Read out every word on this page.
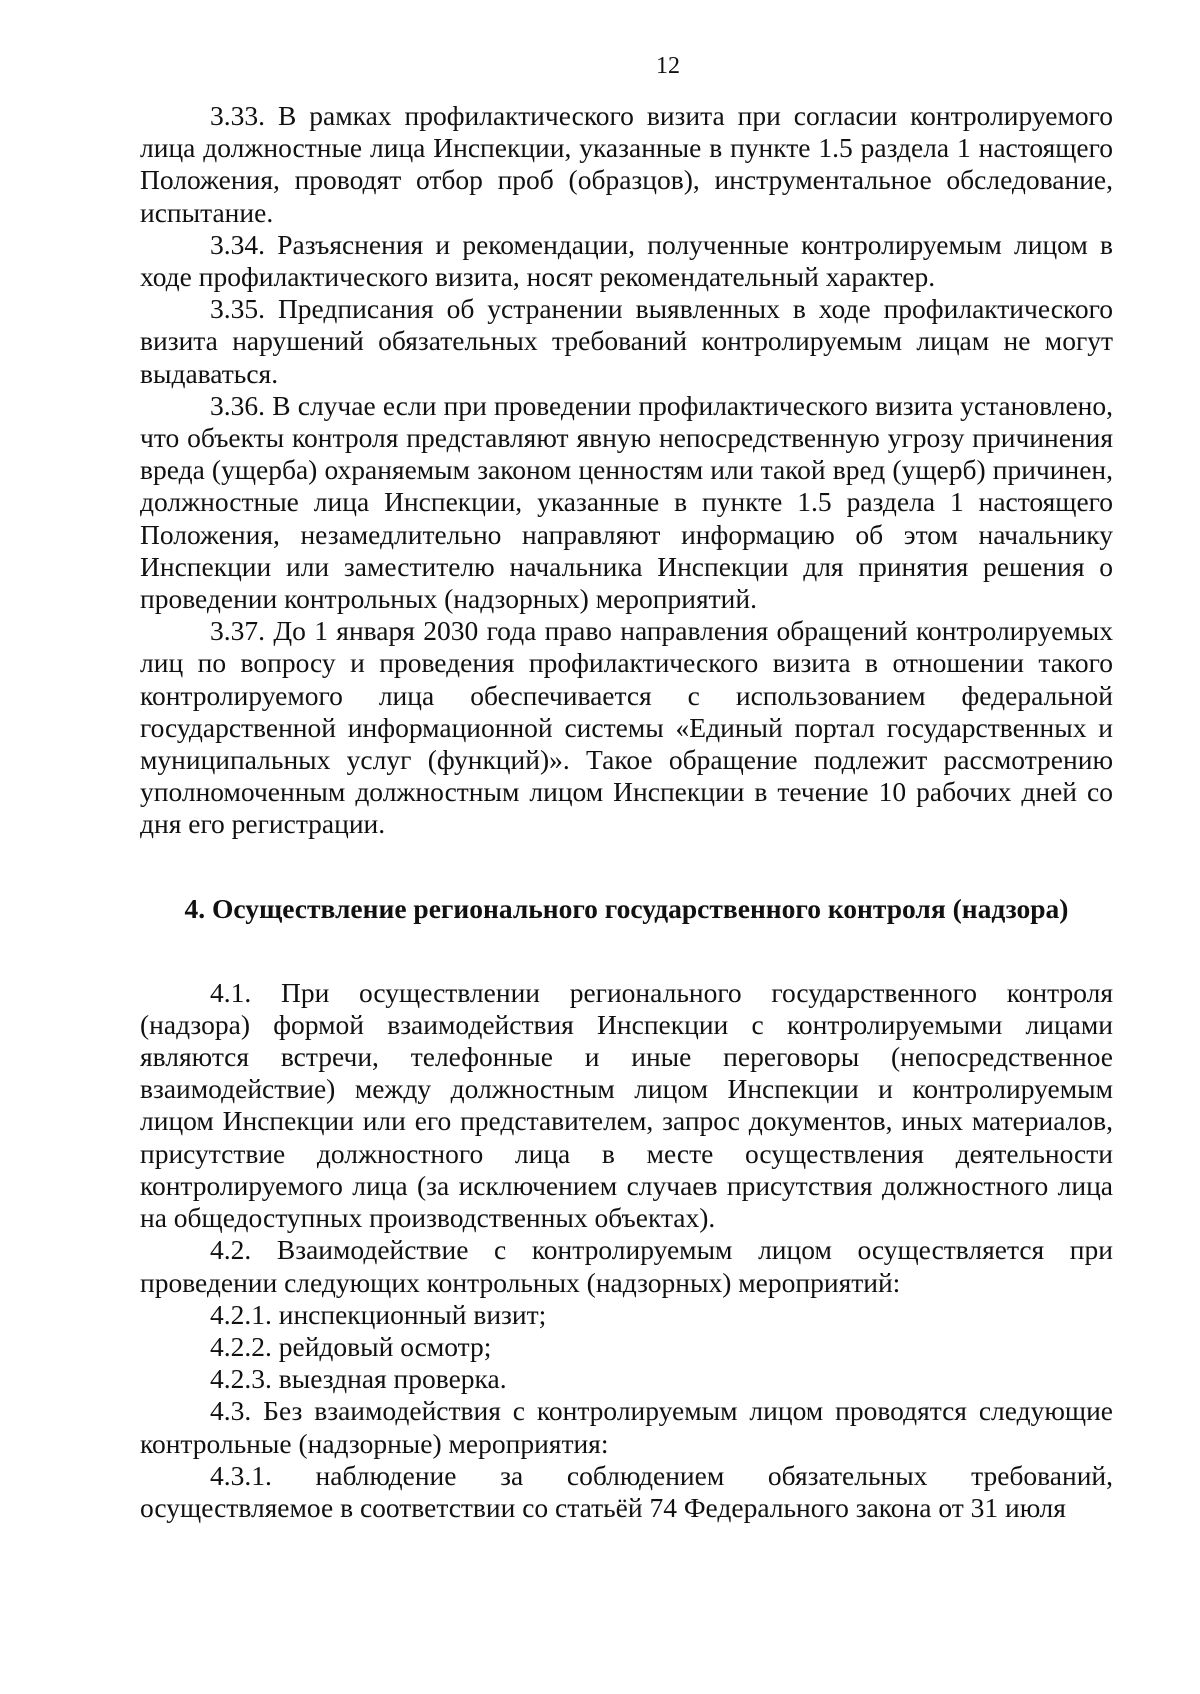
12

3.33. В рамках профилактического визита при согласии контролируемого лица должностные лица Инспекции, указанные в пункте 1.5 раздела 1 настоящего Положения, проводят отбор проб (образцов), инструментальное обследование, испытание.

3.34. Разъяснения и рекомендации, полученные контролируемым лицом в ходе профилактического визита, носят рекомендательный характер.

3.35. Предписания об устранении выявленных в ходе профилактического визита нарушений обязательных требований контролируемым лицам не могут выдаваться.

3.36. В случае если при проведении профилактического визита установлено, что объекты контроля представляют явную непосредственную угрозу причинения вреда (ущерба) охраняемым законом ценностям или такой вред (ущерб) причинен, должностные лица Инспекции, указанные в пункте 1.5 раздела 1 настоящего Положения, незамедлительно направляют информацию об этом начальнику Инспекции или заместителю начальника Инспекции для принятия решения о проведении контрольных (надзорных) мероприятий.

3.37. До 1 января 2030 года право направления обращений контролируемых лиц по вопросу и проведения профилактического визита в отношении такого контролируемого лица обеспечивается с использованием федеральной государственной информационной системы «Единый портал государственных и муниципальных услуг (функций)». Такое обращение подлежит рассмотрению уполномоченным должностным лицом Инспекции в течение 10 рабочих дней со дня его регистрации.

4. Осуществление регионального государственного контроля (надзора)

4.1. При осуществлении регионального государственного контроля (надзора) формой взаимодействия Инспекции с контролируемыми лицами являются встречи, телефонные и иные переговоры (непосредственное взаимодействие) между должностным лицом Инспекции и контролируемым лицом Инспекции или его представителем, запрос документов, иных материалов, присутствие должностного лица в месте осуществления деятельности контролируемого лица (за исключением случаев присутствия должностного лица на общедоступных производственных объектах).

4.2. Взаимодействие с контролируемым лицом осуществляется при проведении следующих контрольных (надзорных) мероприятий:

4.2.1. инспекционный визит;

4.2.2. рейдовый осмотр;

4.2.3. выездная проверка.

4.3. Без взаимодействия с контролируемым лицом проводятся следующие контрольные (надзорные) мероприятия:

4.3.1. наблюдение за соблюдением обязательных требований, осуществляемое в соответствии со статьёй 74 Федерального закона от 31 июля
